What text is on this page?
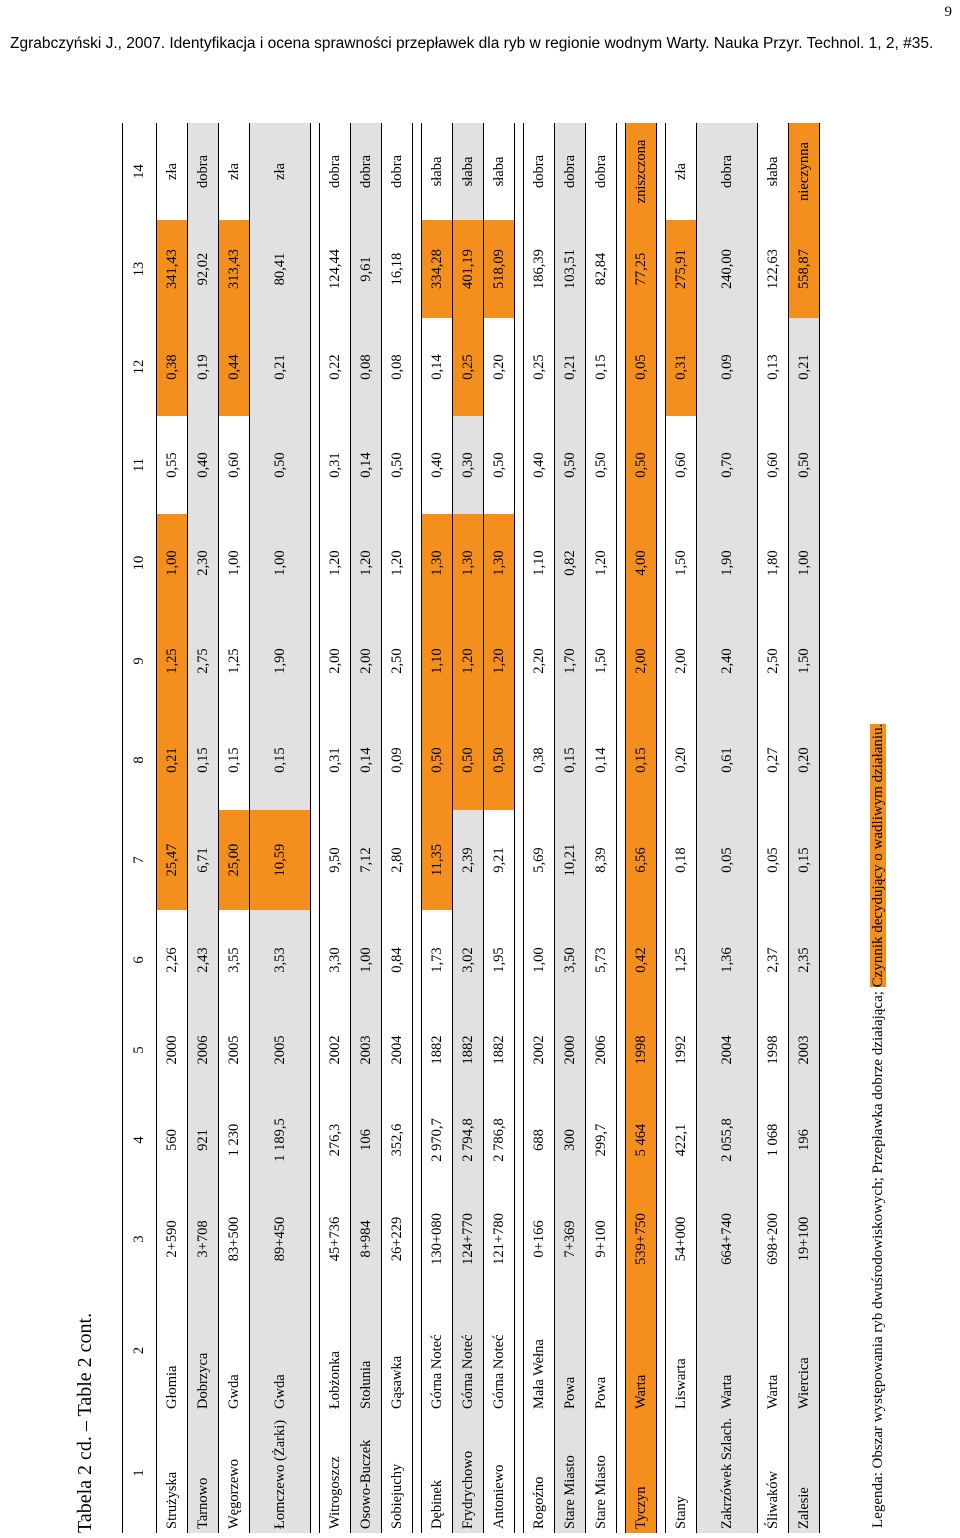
9
Zgrabczyński J., 2007. Identyfikacja i ocena sprawności przepławek dla ryb w regionie wodnym Warty. Nauka Przyr. Technol. 1, 2, #35.
Tabela 2 cd. – Table 2 cont.	1	2	3	4	5	6	7	8	9	10	11	12	13	14
Strużyska	Głomia	2+590	560	2000	2,26	25,47	0,21	1,25	1,00	0,55	0,38	341,43	zła
Tarnowo	Dobrzyca	3+708	921	2006	2,43	6,71	0,15	2,75	2,30	0,40	0,19	92,02	dobra
Węgorzewo	Gwda	83+500	1 230	2005	3,55	25,00	0,15	1,25	1,00	0,60	0,44	313,43	zła
Łomczewo (Żarki)	Gwda	89+450	1 189,5	2005	3,53	10,59	0,15	1,90	1,00	0,50	0,21	80,41	zła

Witrogoszcz	Łobżonka	45+736	276,3	2002	3,30	9,50	0,31	2,00	1,20	0,31	0,22	124,44	dobra
Osowo-Buczek	Stołunia	8+984	106	2003	1,00	7,12	0,14	2,00	1,20	0,14	0,08	9,61	dobra
Sobiejuchy	Gąsawka	26+229	352,6	2004	0,84	2,80	0,09	2,50	1,20	0,50	0,08	16,18	dobra

Dębinek	Górna Noteć	130+080	2 970,7	1882	1,73	11,35	0,50	1,10	1,30	0,40	0,14	334,28	słaba
Frydrychowo	Górna Noteć	124+770	2 794,8	1882	3,02	2,39	0,50	1,20	1,30	0,30	0,25	401,19	słaba
Antoniewo	Górna Noteć	121+780	2 786,8	1882	1,95	9,21	0,50	1,20	1,30	0,50	0,20	518,09	słaba

Rogoźno	Mała Wełna	0+166	688	2002	1,00	5,69	0,38	2,20	1,10	0,40	0,25	186,39	dobra
Stare Miasto	Powa	7+369	300	2000	3,50	10,21	0,15	1,70	0,82	0,50	0,21	103,51	dobra
Stare Miasto	Powa	9+100	299,7	2006	5,73	8,39	0,14	1,50	1,20	0,50	0,15	82,84	dobra

Tyczyn	Warta	539+750	5 464	1998	0,42	6,56	0,15	2,00	4,00	0,50	0,05	77,25	zniszczona

Stany	Liswarta	54+000	422,1	1992	1,25	0,18	0,20	2,00	1,50	0,60	0,31	275,91	zła
Zakrzówek Szlach.	Warta	664+740	2 055,8	2004	1,36	0,05	0,61	2,40	1,90	0,70	0,09	240,00	dobra
Śliwaków	Warta	698+200	1 068	1998	2,37	0,05	0,27	2,50	1,80	0,60	0,13	122,63	słaba
Zalesie	Wiercica	19+100	196	2003	2,35	0,15	0,20	1,50	1,00	0,50	0,21	558,87	nieczynna
Legenda: Obszar występowania ryb dwuśrodowiskowych; Przepławka dobrze działająca; Czynnik decydujący o wadliwym działaniu.
